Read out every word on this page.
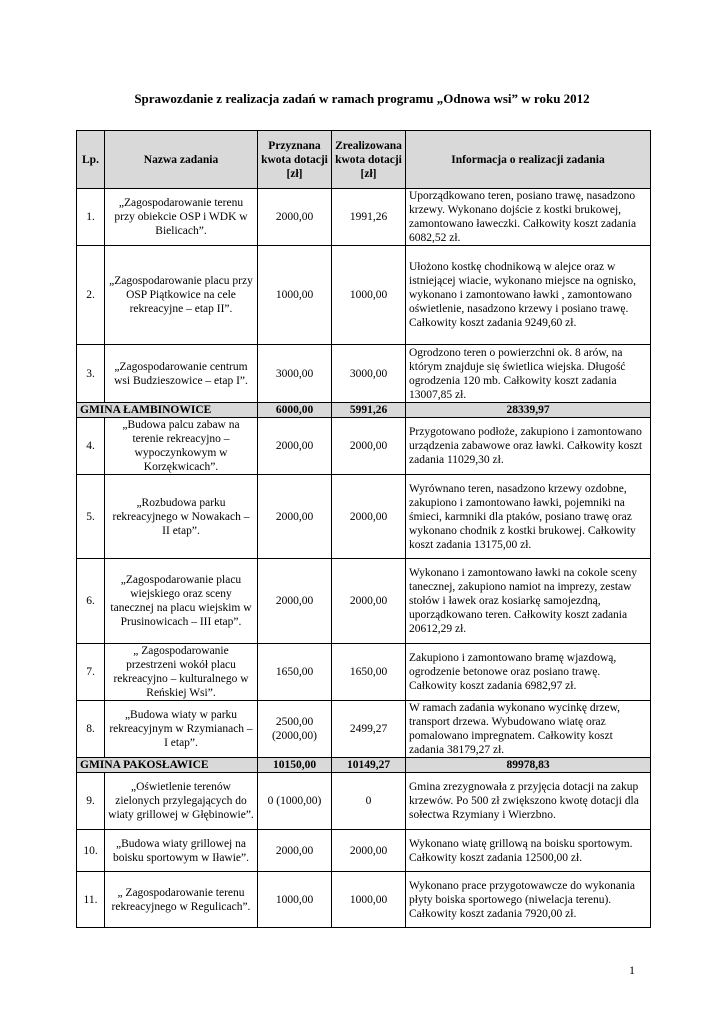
Sprawozdanie z realizacja zadań w ramach programu „Odnowa wsi” w roku 2012
Lp.	Nazwa zadania	Przyznana kwota dotacji [zł]	Zrealizowana kwota dotacji [zł]	Informacja o realizacji zadania
1.	„Zagospodarowanie terenu przy obiekcie OSP i WDK w Bielicach”.	2000,00	1991,26	Uporządkowano teren, posiano trawę, nasadzono krzewy. Wykonano dojście z kostki brukowej, zamontowano ławeczki. Całkowity koszt zadania 6082,52 zł.
2.	„Zagospodarowanie placu przy OSP Piątkowice na cele rekreacyjne – etap II”.	1000,00	1000,00	Ułożono kostkę chodnikową w alejce oraz w istniejącej wiacie, wykonano miejsce na ognisko, wykonano i zamontowano ławki , zamontowano oświetlenie, nasadzono krzewy i posiano trawę. Całkowity koszt zadania 9249,60 zł.
3.	„Zagospodarowanie centrum wsi Budzieszowice – etap I”.	3000,00	3000,00	Ogrodzono teren o powierzchni ok. 8 arów, na którym znajduje się świetlica wiejska. Długość ogrodzenia 120 mb. Całkowity koszt zadania 13007,85 zł.
GMINA ŁAMBINOWICE		6000,00	5991,26	28339,97
4.	„Budowa palcu zabaw na terenie rekreacyjno – wypoczynkowym w Korzękwicach”.	2000,00	2000,00	Przygotowano podłoże, zakupiono i zamontowano urządzenia zabawowe oraz ławki. Całkowity koszt zadania 11029,30 zł.
5.	„Rozbudowa parku rekreacyjnego w Nowakach – II etap”.	2000,00	2000,00	Wyrównano teren, nasadzono krzewy ozdobne, zakupiono i zamontowano ławki, pojemniki na śmieci, karmniki dla ptaków, posiano trawę oraz wykonano chodnik z kostki brukowej. Całkowity koszt zadania 13175,00 zł.
6.	„Zagospodarowanie placu wiejskiego oraz sceny tanecznej na placu wiejskim w Prusinowicach – III etap”.	2000,00	2000,00	Wykonano i zamontowano ławki na cokole sceny tanecznej, zakupiono namiot na imprezy, zestaw stołów i ławek oraz kosiarkę samojezdną, uporządkowano teren. Całkowity koszt zadania 20612,29 zł.
7.	„ Zagospodarowanie przestrzeni wokół placu rekreacyjno – kulturalnego w Reńskiej Wsi”.	1650,00	1650,00	Zakupiono i zamontowano bramę wjazdową, ogrodzenie betonowe oraz posiano trawę. Całkowity koszt zadania 6982,97 zł.
8.	„Budowa wiaty w parku rekreacyjnym w Rzymianach – I etap”.	2500,00 (2000,00)	2499,27	W ramach zadania wykonano wycinkę drzew, transport drzewa. Wybudowano wiatę oraz pomalowano impregnatem. Całkowity koszt zadania 38179,27 zł.
GMINA PAKOSŁAWICE		10150,00	10149,27	89978,83
9.	„Oświetlenie terenów zielonych przylegających do wiaty grillowej w Głębinowie”.	0 (1000,00)	0	Gmina zrezygnowała z przyjęcia dotacji na zakup krzewów. Po 500 zł zwiększono kwotę dotacji dla sołectwa Rzymiany i Wierzbno.
10.	„Budowa wiaty grillowej na boisku sportowym w Iławie”.	2000,00	2000,00	Wykonano wiatę grillową na boisku sportowym. Całkowity koszt zadania 12500,00 zł.
11.	„ Zagospodarowanie terenu rekreacyjnego w Regulicach”.	1000,00	1000,00	Wykonano prace przygotowawcze do wykonania płyty boiska sportowego (niwelacja terenu). Całkowity koszt zadania 7920,00 zł.
1
